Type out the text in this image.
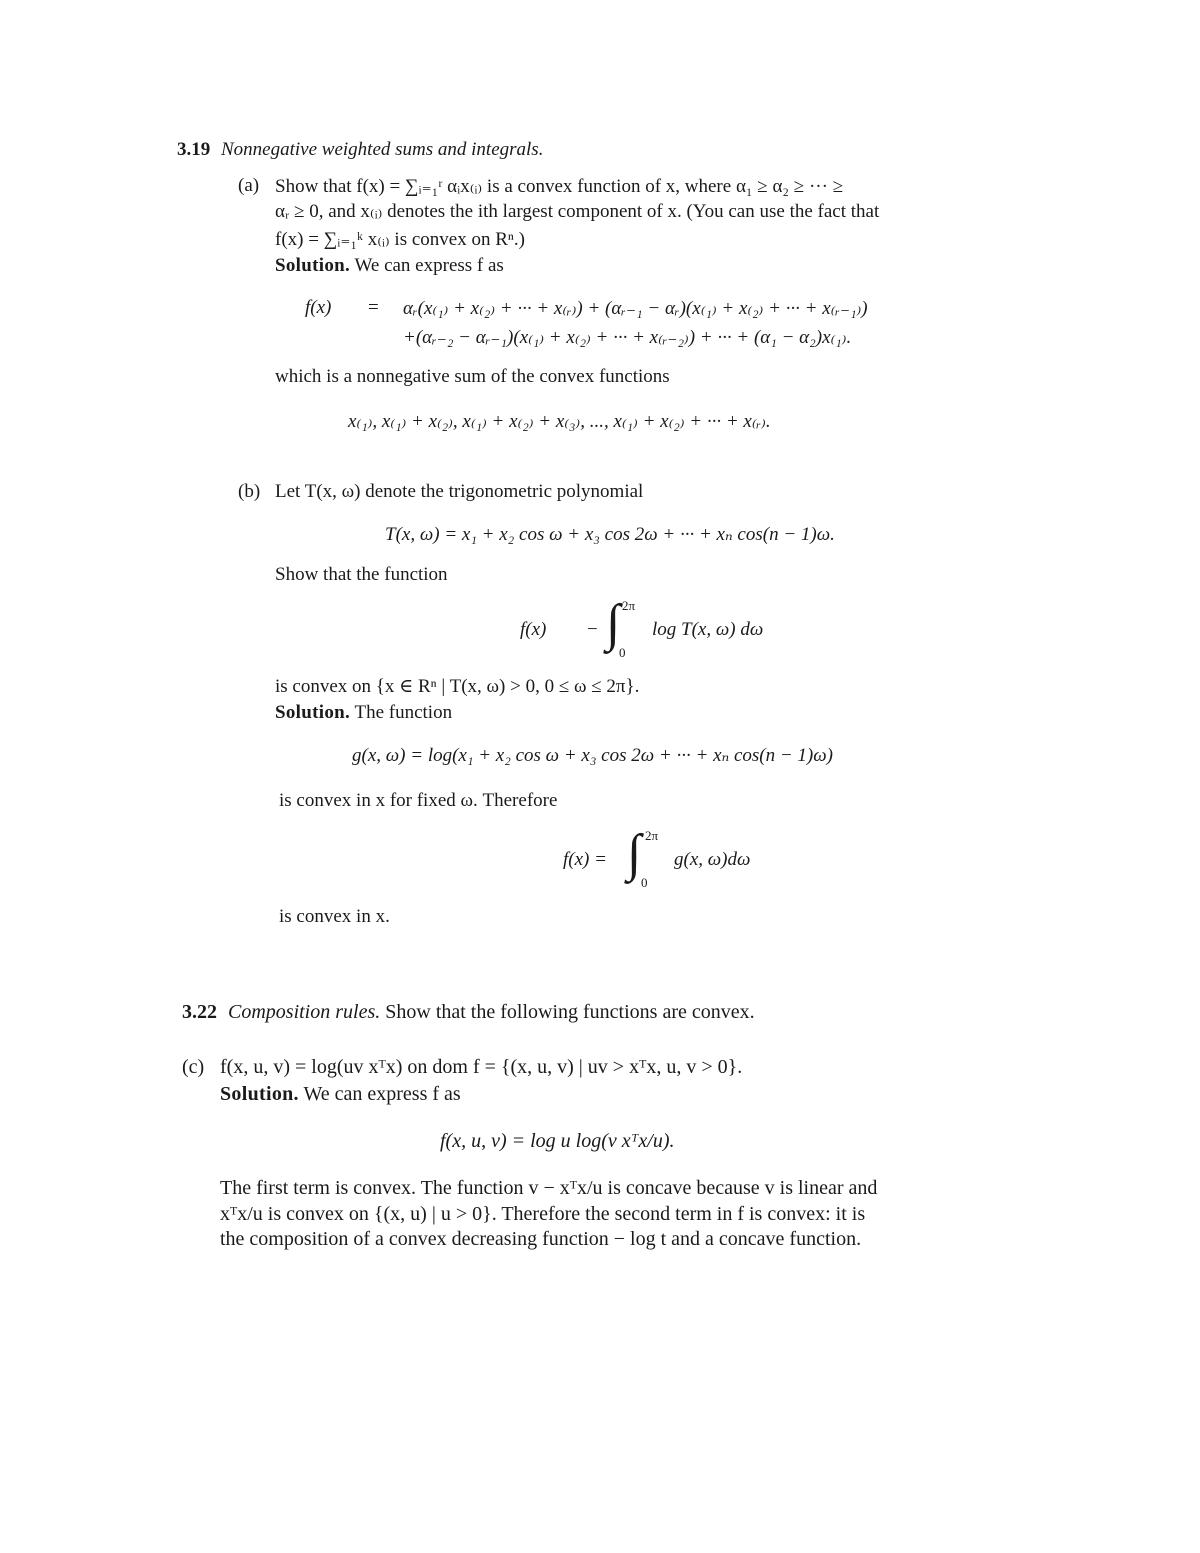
3.19 Nonnegative weighted sums and integrals.
(a) Show that f(x) = ∑ᵢ₌₁ʳ αᵢx₍ᵢ₎ is a convex function of x, where α₁ ≥ α₂ ≥ ··· ≥
αᵣ ≥ 0, and x₍ᵢ₎ denotes the ith largest component of x. (You can use the fact that
f(x) = ∑ᵢ₌₁ᵏ x₍ᵢ₎ is convex on Rⁿ.)
Solution. We can express f as
f(x) = αᵣ(x₍₁₎ + x₍₂₎ + ··· + x₍ᵣ₎) + (αᵣ₋₁ − αᵣ)(x₍₁₎ + x₍₂₎ + ··· + x₍ᵣ₋₁₎)
+(αᵣ₋₂ − αᵣ₋₁)(x₍₁₎ + x₍₂₎ + ··· + x₍ᵣ₋₂₎) + ··· + (α₁ − α₂)x₍₁₎.
which is a nonnegative sum of the convex functions
x₍₁₎, x₍₁₎ + x₍₂₎, x₍₁₎ + x₍₂₎ + x₍₃₎, ..., x₍₁₎ + x₍₂₎ + ··· + x₍ᵣ₎.
(b) Let T(x, ω) denote the trigonometric polynomial
T(x, ω) = x₁ + x₂ cos ω + x₃ cos 2ω + ··· + xₙ cos(n − 1)ω.
Show that the function
f(x) − ∫ 2π
0
log T(x, ω) dω
is convex on {x ∈ Rⁿ | T(x, ω) > 0, 0 ≤ ω ≤ 2π}.
Solution. The function
g(x, ω) = log(x₁ + x₂ cos ω + x₃ cos 2ω + ··· + xₙ cos(n − 1)ω)
is convex in x for fixed ω. Therefore
f(x) = ∫ 2π
0
g(x, ω)dω
is convex in x.
3.22 Composition rules. Show that the following functions are convex.
(c) f(x, u, v) = log(uv xᵀx) on dom f = {(x, u, v) | uv > xᵀx, u, v > 0}.
Solution. We can express f as
f(x, u, v) = log u log(v xᵀx/u).
The first term is convex. The function v − xᵀx/u is concave because v is linear and
xᵀx/u is convex on {(x, u) | u > 0}. Therefore the second term in f is convex: it is
the composition of a convex decreasing function − log t and a concave function.
